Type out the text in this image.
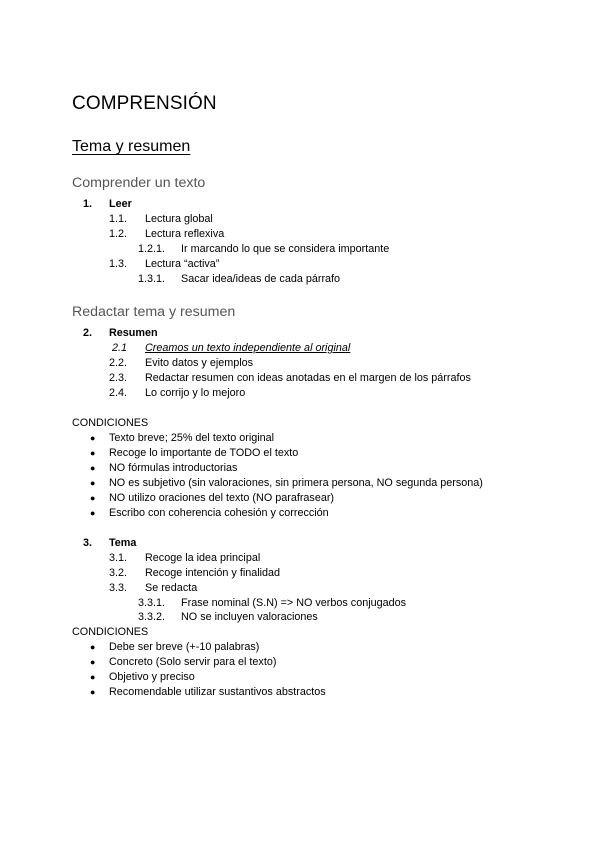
COMPRENSIÓN
Tema y resumen
Comprender un texto
1. Leer
1.1. Lectura global
1.2. Lectura reflexiva
1.2.1. Ir marcando lo que se considera importante
1.3. Lectura “activa”
1.3.1. Sacar idea/ideas de cada párrafo
Redactar tema y resumen
2. Resumen
2.1 Creamos un texto independiente al original
2.2. Evito datos y ejemplos
2.3. Redactar resumen con ideas anotadas en el margen de los párrafos
2.4. Lo corrijo y lo mejoro
CONDICIONES
● Texto breve; 25% del texto original
● Recoge lo importante de TODO el texto
● NO fórmulas introductorias
● NO es subjetivo (sin valoraciones, sin primera persona, NO segunda persona)
● NO utilizo oraciones del texto (NO parafrasear)
● Escribo con coherencia cohesión y corrección
3. Tema
3.1. Recoge la idea principal
3.2. Recoge intención y finalidad
3.3. Se redacta
3.3.1. Frase nominal (S.N) => NO verbos conjugados
3.3.2. NO se incluyen valoraciones
CONDICIONES
● Debe ser breve (+-10 palabras)
● Concreto (Solo servir para el texto)
● Objetivo y preciso
● Recomendable utilizar sustantivos abstractos
